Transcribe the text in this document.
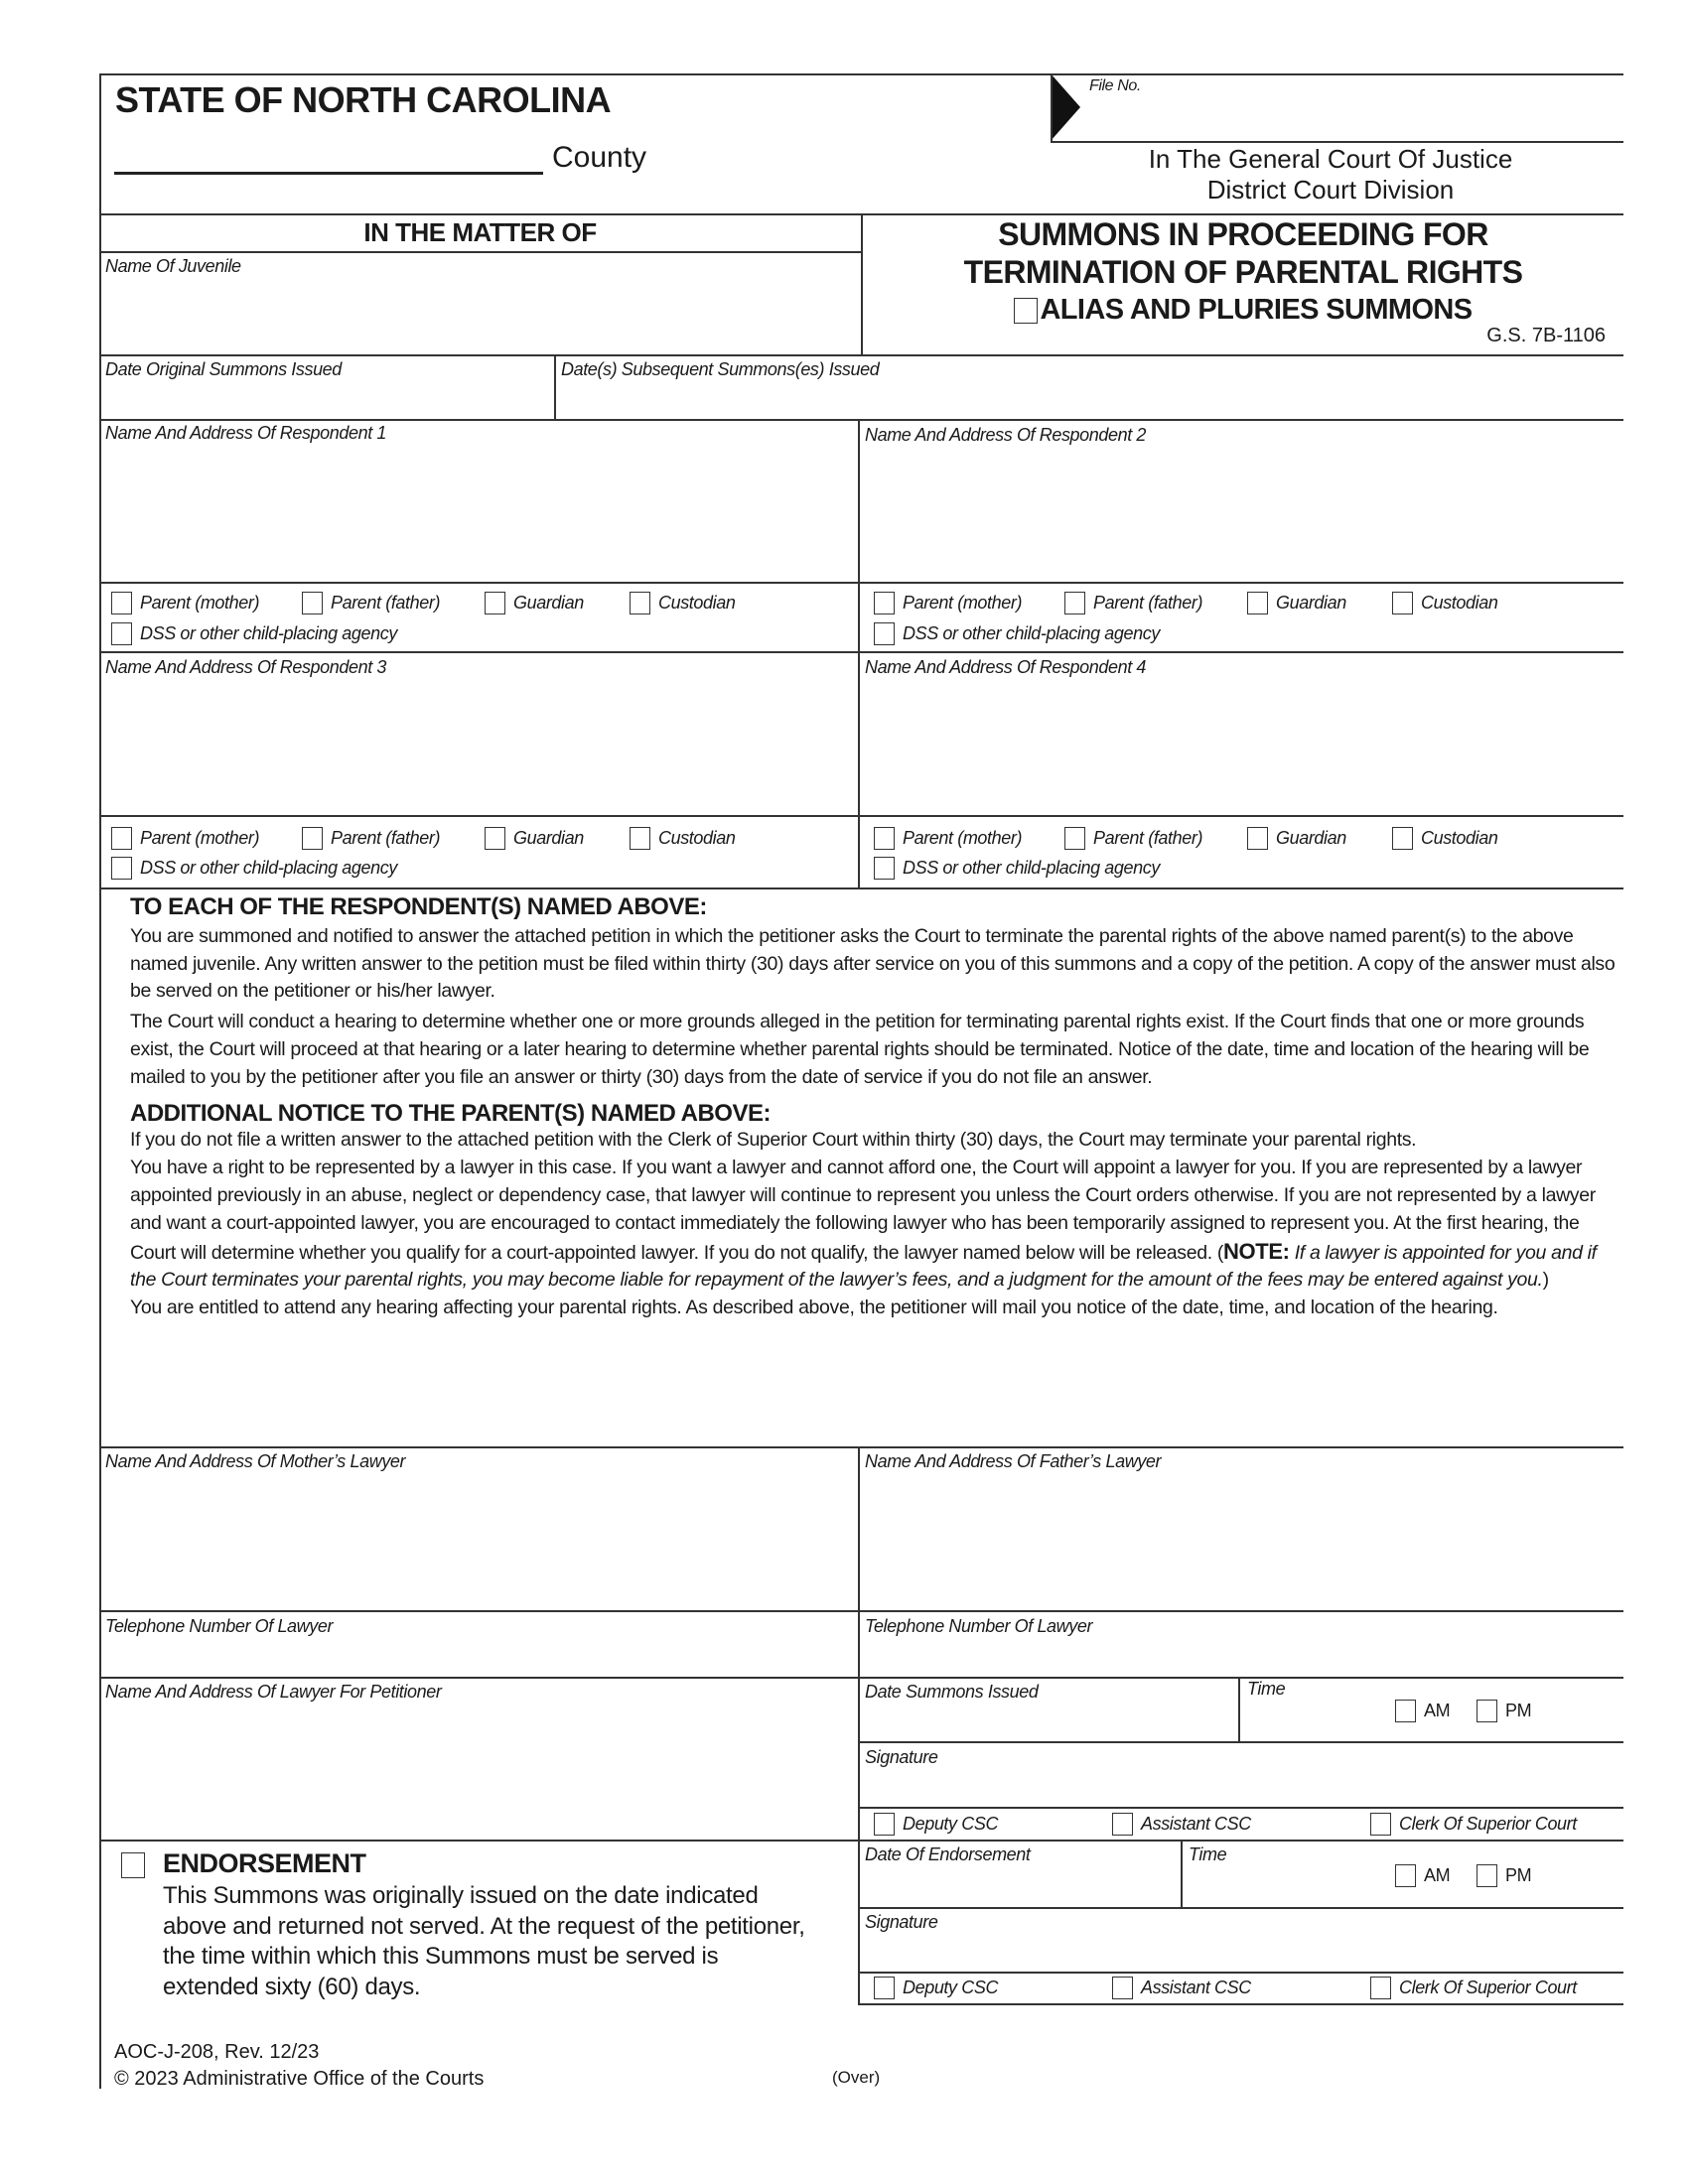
STATE OF NORTH CAROLINA
County
File No.
In The General Court Of Justice
District Court Division
IN THE MATTER OF
Name Of Juvenile
SUMMONS IN PROCEEDING FOR
TERMINATION OF PARENTAL RIGHTS
ALIAS AND PLURIES SUMMONS
G.S. 7B-1106
Date Original Summons Issued	Date(s) Subsequent Summons(es) Issued
Name And Address Of Respondent 1	Name And Address Of Respondent 2
Parent (mother)	Parent (father)	Guardian	Custodian
DSS or other child-placing agency
Parent (mother)	Parent (father)	Guardian	Custodian
DSS or other child-placing agency
Name And Address Of Respondent 3	Name And Address Of Respondent 4
Parent (mother)	Parent (father)	Guardian	Custodian
DSS or other child-placing agency
Parent (mother)	Parent (father)	Guardian	Custodian
DSS or other child-placing agency
TO EACH OF THE RESPONDENT(S) NAMED ABOVE:

You are summoned and notified to answer the attached petition in which the petitioner asks the Court to terminate the parental rights of the above named parent(s) to the above named juvenile. Any written answer to the petition must be filed within thirty (30) days after service on you of this summons and a copy of the petition. A copy of the answer must also be served on the petitioner or his/her lawyer.

The Court will conduct a hearing to determine whether one or more grounds alleged in the petition for terminating parental rights exist. If the Court finds that one or more grounds exist, the Court will proceed at that hearing or a later hearing to determine whether parental rights should be terminated. Notice of the date, time and location of the hearing will be mailed to you by the petitioner after you file an answer or thirty (30) days from the date of service if you do not file an answer.

ADDITIONAL NOTICE TO THE PARENT(S) NAMED ABOVE:

If you do not file a written answer to the attached petition with the Clerk of Superior Court within thirty (30) days, the Court may terminate your parental rights.

You have a right to be represented by a lawyer in this case. If you want a lawyer and cannot afford one, the Court will appoint a lawyer for you. If you are represented by a lawyer appointed previously in an abuse, neglect or dependency case, that lawyer will continue to represent you unless the Court orders otherwise. If you are not represented by a lawyer and want a court-appointed lawyer, you are encouraged to contact immediately the following lawyer who has been temporarily assigned to represent you. At the first hearing, the Court will determine whether you qualify for a court-appointed lawyer. If you do not qualify, the lawyer named below will be released. (NOTE: If a lawyer is appointed for you and if the Court terminates your parental rights, you may become liable for repayment of the lawyer’s fees, and a judgment for the amount of the fees may be entered against you.)

You are entitled to attend any hearing affecting your parental rights. As described above, the petitioner will mail you notice of the date, time, and location of the hearing.

Name And Address Of Mother’s Lawyer	Name And Address Of Father’s Lawyer
Telephone Number Of Lawyer	Telephone Number Of Lawyer
Name And Address Of Lawyer For Petitioner	Date Summons Issued	Time
AM	PM
Signature
Deputy CSC	Assistant CSC	Clerk Of Superior Court
ENDORSEMENT
This Summons was originally issued on the date indicated above and returned not served. At the request of the petitioner, the time within which this Summons must be served is extended sixty (60) days.
Date Of Endorsement	Time
AM	PM
Signature
Deputy CSC	Assistant CSC	Clerk Of Superior Court
AOC-J-208, Rev. 12/23
© 2023 Administrative Office of the Courts	(Over)
